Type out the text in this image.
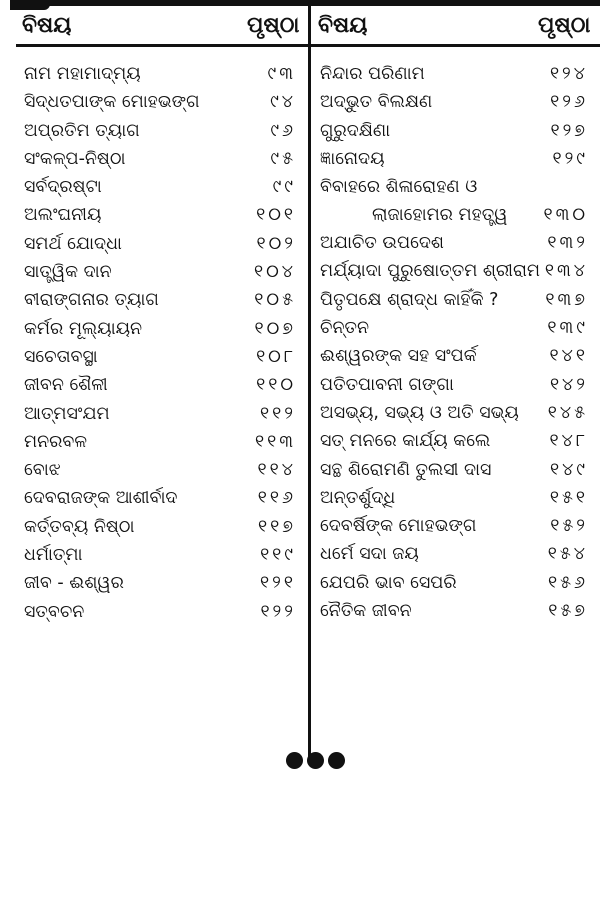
ବିଷୟ	ପୃଷ୍ଠା ବିଷୟ	ପୃଷ୍ଠା
ନାମ ମହାମାଦ୍ମ୍ୟ	୯୩
ସିଦ୍ଧତପାଙ୍କ ମୋହଭଙ୍ଗ	୯୪
ଅପ୍ରତିମ ତ୍ୟାଗ	୯୬
ସଂକଳ୍ପ-ନିଷ୍ଠା	୯୫
ସର୍ବଦ୍ରଷ୍ଟା	୯୯
ଅଲଂଘନୀୟ	୧୦୧
ସମର୍ଥ ଯୋଦ୍ଧା	୧୦୨
ସାତ୍ତ୍ୱିକ ଦାନ	୧୦୪
ବୀରାଙ୍ଗନାର ତ୍ୟାଗ	୧୦୫
କର୍ମର ମୂଲ୍ୟାୟନ	୧୦୭
ସଚେତାବସ୍ଥା	୧୦୮
ଜୀବନ ଶୈଳୀ	୧୧୦
ଆତ୍ମସଂଯମ	୧୧୨
ମନରବଳ	୧୧୩
ବୋଝ	୧୧୪
ଦେବରାଜଙ୍କ ଆଶୀର୍ବାଦ	୧୧୬
କର୍ତ୍ତବ୍ୟ ନିଷ୍ଠା	୧୧୭
ଧର୍ମାତ୍ମା	୧୧୯
ଜୀବ - ଈଶ୍ୱର	୧୨୧
ସତ୍‌ବଚନ	୧୨୨
ନିନ୍ଦାର ପରିଣାମ	୧୨୪
ଅଦ୍ଭୁତ ବିଲକ୍ଷଣ	୧୨୬
ଗୁରୁଦକ୍ଷିଣା	୧୨୭
ଜ୍ଞାନୋଦୟ	୧୨୯
ବିବାହରେ ଶିଳାରୋହଣ ଓ
ଲାଜାହୋମର ମହତ୍ତ୍ୱ ୧୩୦
ଅଯାଚିତ ଉପଦେଶ	୧୩୨
ମର୍ଯ୍ୟାଦା ପୁରୁଷୋତ୍ତମ ଶ୍ରୀରାମ ୧୩୪
ପିତୃପକ୍ଷେ ଶ୍ରାଦ୍ଧ କାହିଁକି ?	୧୩୭
ଚିନ୍ତନ	୧୩୯
ଈଶ୍ୱରଙ୍କ ସହ ସଂପର୍କ	୧୪୧
ପତିତପାବନୀ ଗଙ୍ଗା	୧୪୨
ଅସଭ୍ୟ, ସଭ୍ୟ ଓ ଅତି ସଭ୍ୟ ୧୪୫
ସତ୍ ମନରେ କାର୍ଯ୍ୟ କଲେ	୧୪୮
ସନ୍ଥ ଶିରୋମଣି ତୁଲସୀ ଦାସ	୧୪୯
ଅନ୍ତର୍ଶୁଦ୍ଧି	୧୫୧
ଦେବର୍ଷିଙ୍କ ମୋହଭଙ୍ଗ	୧୫୨
ଧର୍ମେ ସଦା ଜୟ	୧୫୪
ଯେପରି ଭାବ ସେପରି	୧୫୬
ନୈତିକ ଜୀବନ	୧୫୭
